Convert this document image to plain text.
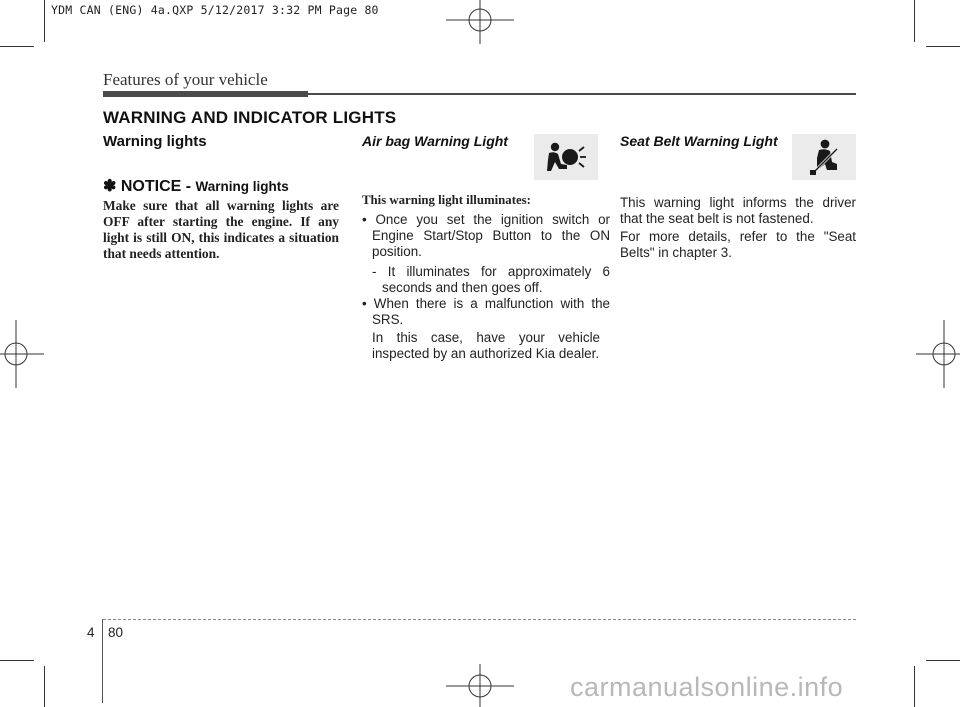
YDM CAN (ENG) 4a.QXP 5/12/2017 3:32 PM Page 80
Features of your vehicle
WARNING AND INDICATOR LIGHTS
Warning lights
✽ NOTICE - Warning lights
Make sure that all warning lights are OFF after starting the engine. If any light is still ON, this indicates a situation that needs attention.
Air bag Warning Light
This warning light illuminates:
• Once you set the ignition switch or Engine Start/Stop Button to the ON position.
- It illuminates for approximately 6 seconds and then goes off.
• When there is a malfunction with the SRS.
In this case, have your vehicle inspected by an authorized Kia dealer.
Seat Belt Warning Light
This warning light informs the driver that the seat belt is not fastened.
For more details, refer to the "Seat Belts" in chapter 3.
4 80
carmanualsonline.info
